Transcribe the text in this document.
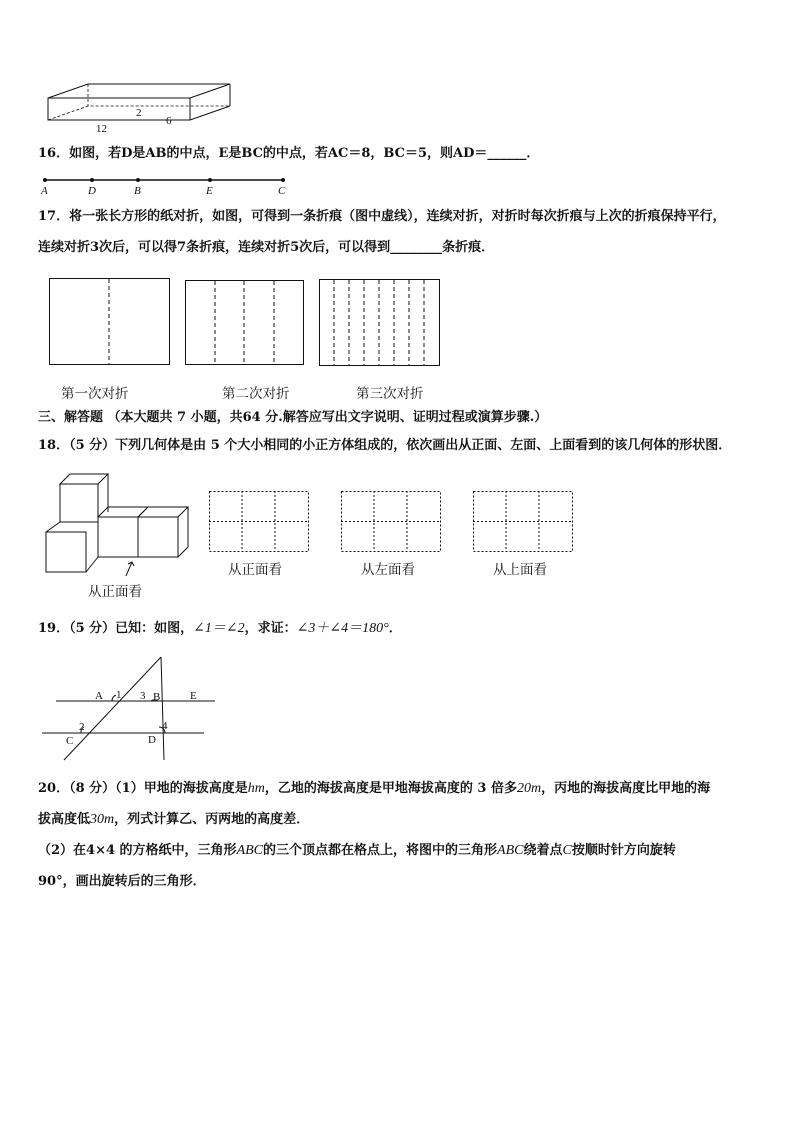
2
12
6
16．如图，若D是AB的中点，E是BC的中点，若AC＝8，BC＝5，则AD＝______．
A	D	B	E	C
17．将一张长方形的纸对折，如图，可得到一条折痕（图中虚线），连续对折，对折时每次折痕与上次的折痕保持平行，
连续对折3次后，可以得7条折痕，连续对折5次后，可以得到________条折痕．
第一次对折	第二次对折	第三次对折
三、解答题 （本大题共 7 小题，共64 分.解答应写出文字说明、证明过程或演算步骤.）
18．（5 分）下列几何体是由 5 个大小相同的小正方体组成的，依次画出从正面、左面、上面看到的该几何体的形状图．
从正面看
从正面看	从左面看	从上面看
19．（5 分）已知：如图，∠1＝∠2，求证：∠3＋∠4＝180°．
A 1 3 B	E
2
C
4
D
20．（8 分）（1）甲地的海拔高度是hm，乙地的海拔高度是甲地海拔高度的 3 倍多20m，丙地的海拔高度比甲地的海
拔高度低30m，列式计算乙、丙两地的高度差．
（2）在4×4 的方格纸中，三角形ABC的三个顶点都在格点上，将图中的三角形ABC绕着点C按顺时针方向旋转
90°，画出旋转后的三角形．
